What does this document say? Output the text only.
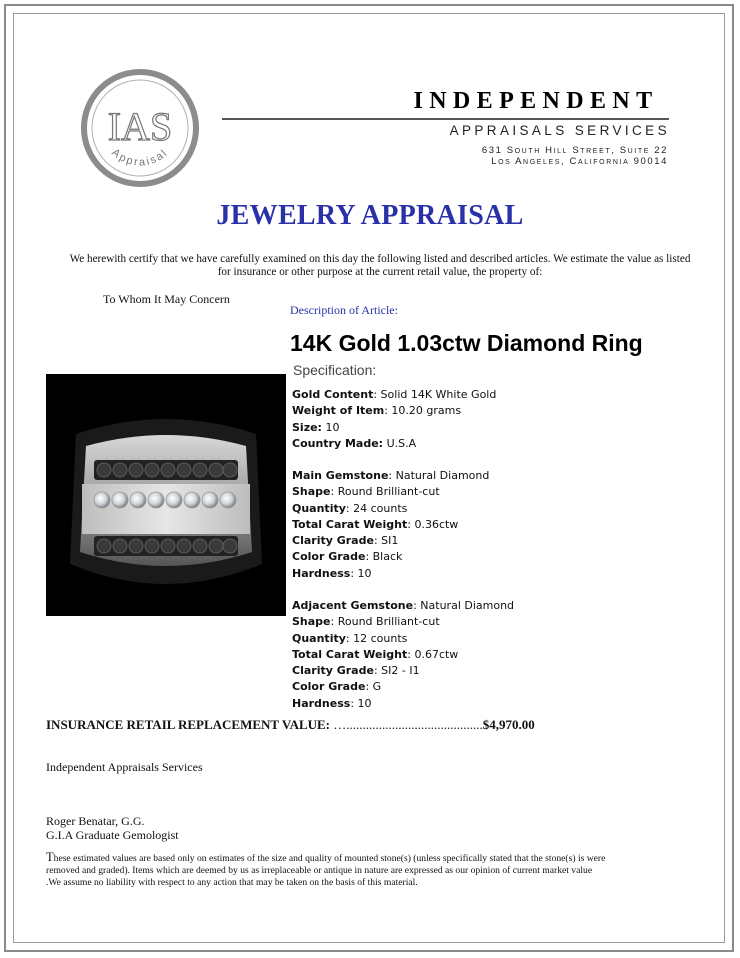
IAS
Appraisal
INDEPENDENT
APPRAISALS SERVICES
631 South Hill Street, Suite 22
Los Angeles, California 90014
JEWELRY APPRAISAL
We herewith certify that we have carefully examined on this day the following listed and described articles. We estimate the value as listed for insurance or other purpose at the current retail value, the property of:
To Whom It May Concern
Description of Article:
14K Gold 1.03ctw Diamond Ring
Specification:
Gold Content: Solid 14K White Gold
Weight of Item: 10.20 grams
Size: 10
Country Made: U.S.A
Main Gemstone: Natural Diamond
Shape: Round Brilliant-cut
Quantity: 24 counts
Total Carat Weight: 0.36ctw
Clarity Grade: SI1
Color Grade: Black
Hardness: 10
Adjacent Gemstone: Natural Diamond
Shape: Round Brilliant-cut
Quantity: 12 counts
Total Carat Weight: 0.67ctw
Clarity Grade: SI2 - I1
Color Grade: G
Hardness: 10
INSURANCE RETAIL REPLACEMENT VALUE: …..........................................$4,970.00
Independent Appraisals Services
Roger Benatar, G.G.
G.I.A Graduate Gemologist
These estimated values are based only on estimates of the size and quality of mounted stone(s) (unless specifically stated that the stone(s) is were removed and graded). Items which are deemed by us as irreplaceable or antique in nature are expressed as our opinion of current market value .We assume no liability with respect to any action that may be taken on the basis of this material.
